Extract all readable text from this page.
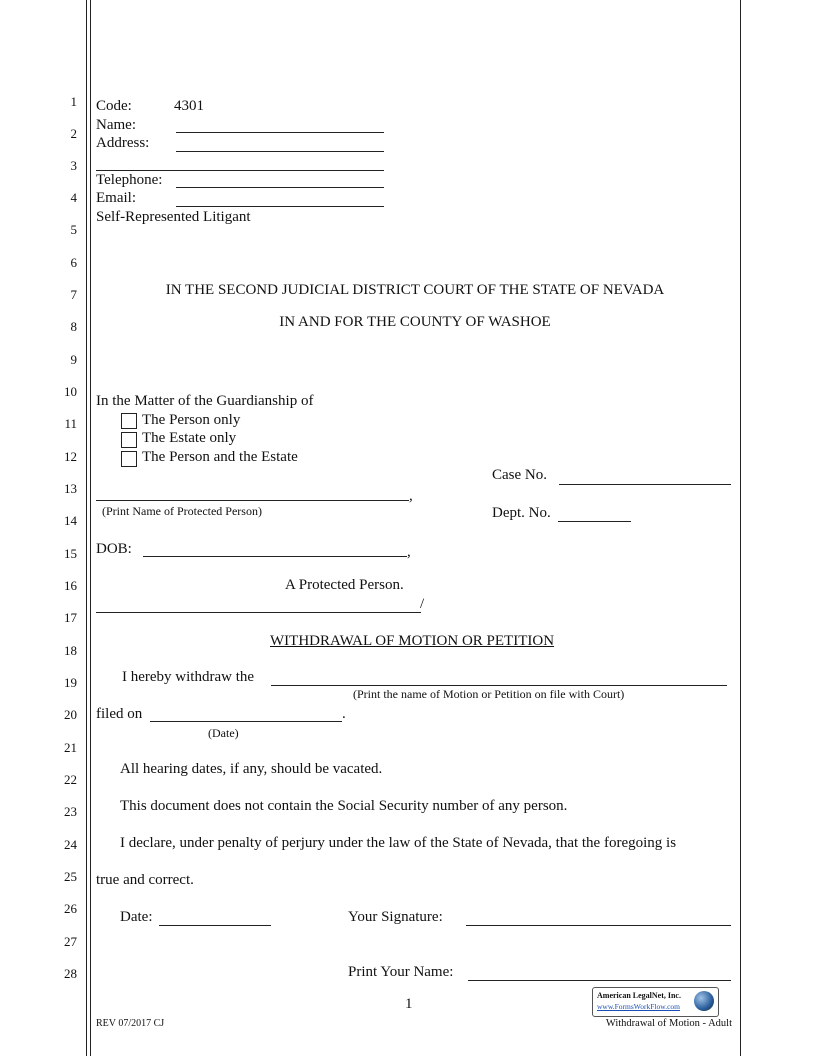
1
2
3
4
5
6
7
8
9
10
11
12
13
14
15
16
17
18
19
20
21
22
23
24
25
26
27
28
Code:	4301
Name:
Address:
Telephone:
Email:
Self-Represented Litigant
IN THE SECOND JUDICIAL DISTRICT COURT OF THE STATE OF NEVADA
IN AND FOR THE COUNTY OF WASHOE
In the Matter of the Guardianship of
The Person only
The Estate only
The Person and the Estate
Case No.
,
(Print Name of Protected Person)	Dept. No.
DOB:	,
A Protected Person.
/
WITHDRAWAL OF MOTION OR PETITION
I hereby withdraw the
(Print the name of Motion or Petition on file with Court)
filed on	.
(Date)
All hearing dates, if any, should be vacated.
This document does not contain the Social Security number of any person.
I declare, under penalty of perjury under the law of the State of Nevada, that the foregoing is
true and correct.
Date:	Your Signature:
Print Your Name:
1
REV 07/2017 CJ	Withdrawal of Motion - Adult
American LegalNet, Inc.
www.FormsWorkFlow.com
